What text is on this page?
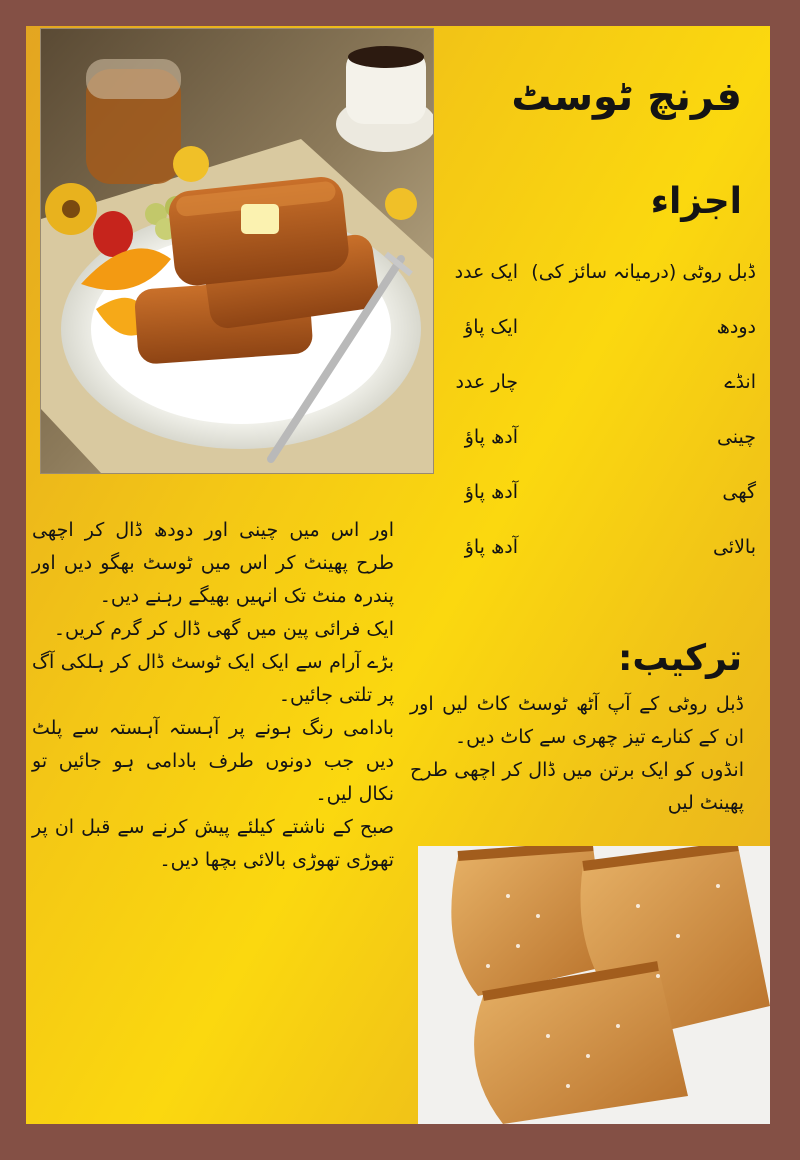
فرنچ ٹوسٹ
اجزاء
ڈبل روٹی (درمیانہ سائز کی)
ایک عدد
دودھ
ایک پاؤ
انڈے
چار عدد
چینی
آدھ پاؤ
گھی
آدھ پاؤ
بالائی
آدھ پاؤ
ترکیب:

ڈبل روٹی کے آپ آٹھ ٹوسٹ کاٹ لیں اور ان کے کنارے تیز چھری سے کاٹ دیں۔

انڈوں کو ایک برتن میں ڈال کر اچھی طرح پھینٹ لیں

اور اس میں چینی اور دودھ ڈال کر اچھی طرح پھینٹ کر اس میں ٹوسٹ بھگو دیں اور پندرہ منٹ تک انہیں بھیگے رہنے دیں۔

ایک فرائی پین میں گھی ڈال کر گرم کریں۔

بڑے آرام سے ایک ایک ٹوسٹ ڈال کر ہلکی آگ پر تلتی جائیں۔

بادامی رنگ ہونے پر آہستہ آہستہ سے پلٹ دیں جب دونوں طرف بادامی ہو جائیں تو نکال لیں۔

صبح کے ناشتے کیلئے پیش کرنے سے قبل ان پر تھوڑی تھوڑی بالائی بچھا دیں۔
